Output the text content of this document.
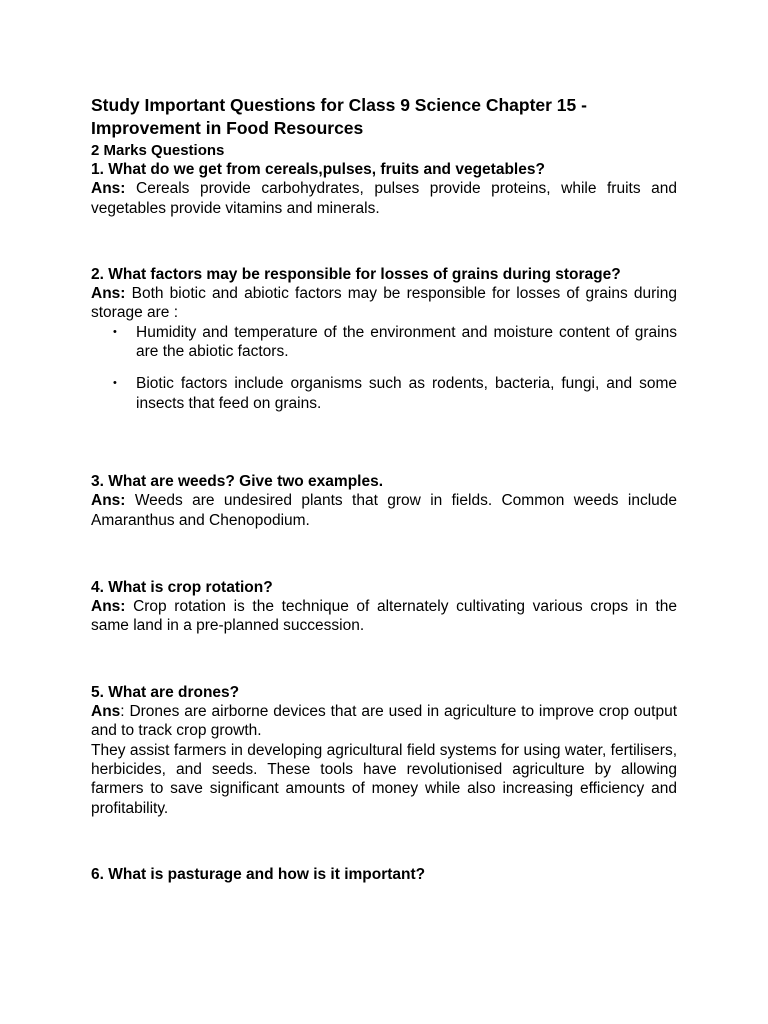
Study Important Questions for Class 9 Science Chapter 15 - Improvement in Food Resources
2 Marks Questions

1. What do we get from cereals,pulses, fruits and vegetables?

Ans: Cereals provide carbohydrates, pulses provide proteins, while fruits and vegetables provide vitamins and minerals.

2. What factors may be responsible for losses of grains during storage?

Ans: Both biotic and abiotic factors may be responsible for losses of grains during storage are :

• Humidity and temperature of the environment and moisture content of grains are the abiotic factors.
• Biotic factors include organisms such as rodents, bacteria, fungi, and some insects that feed on grains.

3. What are weeds? Give two examples.

Ans: Weeds are undesired plants that grow in fields. Common weeds include Amaranthus and Chenopodium.

4. What is crop rotation?

Ans: Crop rotation is the technique of alternately cultivating various crops in the same land in a pre-planned succession.

5. What are drones?

Ans: Drones are airborne devices that are used in agriculture to improve crop output and to track crop growth.

They assist farmers in developing agricultural field systems for using water, fertilisers, herbicides, and seeds. These tools have revolutionised agriculture by allowing farmers to save significant amounts of money while also increasing efficiency and profitability.

6. What is pasturage and how is it important?
